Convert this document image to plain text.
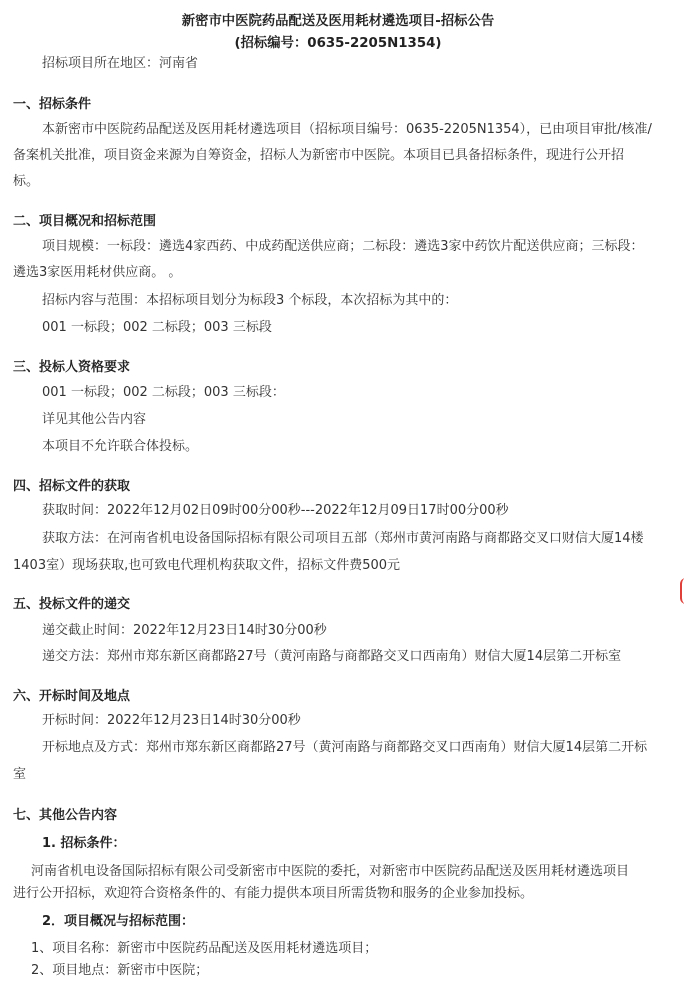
新密市中医院药品配送及医用耗材遴选项目-招标公告
(招标编号：0635-2205N1354)
招标项目所在地区：河南省
一、招标条件
本新密市中医院药品配送及医用耗材遴选项目（招标项目编号：0635-2205N1354），已由项目审批/核准/
备案机关批准，项目资金来源为自筹资金，招标人为新密市中医院。本项目已具备招标条件，现进行公开招
标。
二、项目概况和招标范围
项目规模：一标段：遴选4家西药、中成药配送供应商；二标段：遴选3家中药饮片配送供应商；三标段：
遴选3家医用耗材供应商。 。
招标内容与范围：本招标项目划分为标段3 个标段，本次招标为其中的：
001 一标段；002 二标段；003 三标段
三、投标人资格要求
001 一标段；002 二标段；003 三标段：
详见其他公告内容
本项目不允许联合体投标。
四、招标文件的获取
获取时间：2022年12月02日09时00分00秒---2022年12月09日17时00分00秒
获取方法：在河南省机电设备国际招标有限公司项目五部（郑州市黄河南路与商都路交叉口财信大厦14楼
1403室）现场获取,也可致电代理机构获取文件，招标文件费500元
五、投标文件的递交
递交截止时间：2022年12月23日14时30分00秒
递交方法：郑州市郑东新区商都路27号（黄河南路与商都路交叉口西南角）财信大厦14层第二开标室
六、开标时间及地点
开标时间：2022年12月23日14时30分00秒
开标地点及方式：郑州市郑东新区商都路27号（黄河南路与商都路交叉口西南角）财信大厦14层第二开标
室
七、其他公告内容
1. 招标条件：
河南省机电设备国际招标有限公司受新密市中医院的委托，对新密市中医院药品配送及医用耗材遴选项目
进行公开招标，欢迎符合资格条件的、有能力提供本项目所需货物和服务的企业参加投标。
2．项目概况与招标范围：
1、项目名称：新密市中医院药品配送及医用耗材遴选项目；
2、项目地点：新密市中医院；
